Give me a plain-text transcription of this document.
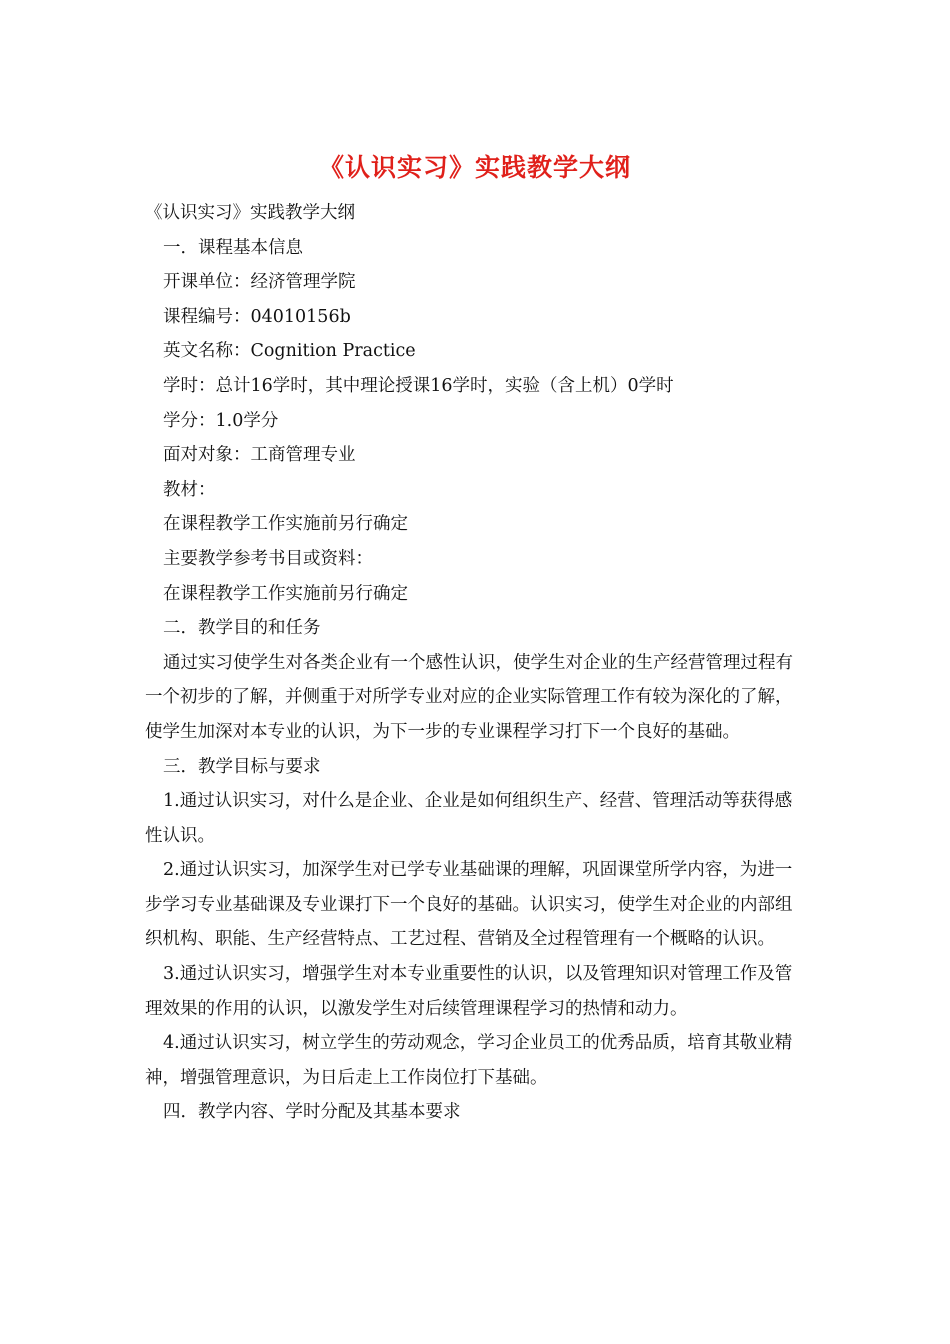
《认识实习》实践教学大纲

《认识实习》实践教学大纲

一．课程基本信息

开课单位：经济管理学院

课程编号：04010156b

英文名称：Cognition Practice

学时：总计16学时，其中理论授课16学时，实验（含上机）0学时

学分：1.0学分

面对对象：工商管理专业

教材：

在课程教学工作实施前另行确定

主要教学参考书目或资料：

在课程教学工作实施前另行确定

二．教学目的和任务

通过实习使学生对各类企业有一个感性认识，使学生对企业的生产经营管理过程有一个初步的了解，并侧重于对所学专业对应的企业实际管理工作有较为深化的了解，使学生加深对本专业的认识，为下一步的专业课程学习打下一个良好的基础。

三．教学目标与要求

1.通过认识实习，对什么是企业、企业是如何组织生产、经营、管理活动等获得感性认识。

2.通过认识实习，加深学生对已学专业基础课的理解，巩固课堂所学内容，为进一步学习专业基础课及专业课打下一个良好的基础。认识实习，使学生对企业的内部组织机构、职能、生产经营特点、工艺过程、营销及全过程管理有一个概略的认识。

3.通过认识实习，增强学生对本专业重要性的认识，以及管理知识对管理工作及管理效果的作用的认识，以激发学生对后续管理课程学习的热情和动力。

4.通过认识实习，树立学生的劳动观念，学习企业员工的优秀品质，培育其敬业精神，增强管理意识，为日后走上工作岗位打下基础。

四．教学内容、学时分配及其基本要求
